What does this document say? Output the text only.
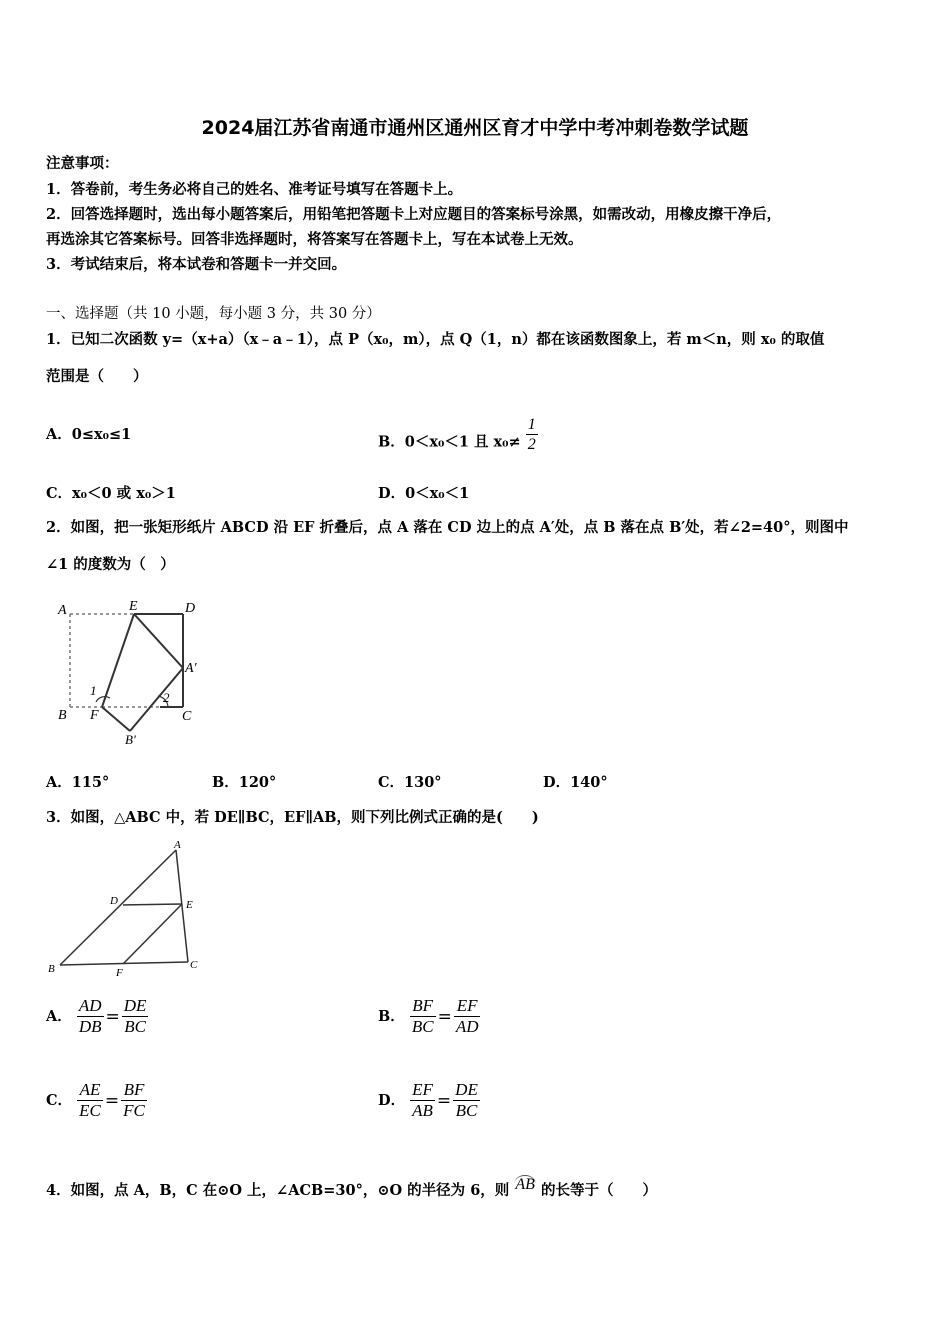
2024届江苏省南通市通州区通州区育才中学中考冲刺卷数学试题
注意事项：
1．答卷前，考生务必将自己的姓名、准考证号填写在答题卡上。
2．回答选择题时，选出每小题答案后，用铅笔把答题卡上对应题目的答案标号涂黑，如需改动，用橡皮擦干净后，
再选涂其它答案标号。回答非选择题时，将答案写在答题卡上，写在本试卷上无效。
3．考试结束后，将本试卷和答题卡一并交回。
一、选择题（共 10 小题，每小题 3 分，共 30 分）
1．已知二次函数 y=（x+a）（x﹣a﹣1），点 P（x₀，m），点 Q（1，n）都在该函数图象上，若 m＜n，则 x₀ 的取值
范围是（　　）
A．0≤x₀≤1	B．0＜x₀＜1 且 $x_0\ne \frac{1}{2}$
C．x₀＜0 或 x₀＞1	D．0＜x₀＜1
2．如图，把一张矩形纸片 ABCD 沿 EF 折叠后，点 A 落在 CD 边上的点 A′处，点 B 落在点 B′处，若∠2=40°，则图中
∠1 的度数为（　）
A	E	D
A'
1	2
B F	C
B'
A．115°	B．120°	C．130°	D．140°
3．如图，△ABC 中，若 DE∥BC，EF∥AB，则下列比例式正确的是(　　)
A
D	E
B	F
C
A． $\frac{AD}{DB} = \frac{DE}{BC}$	B． $\frac{BF}{BC} = \frac{EF}{AD}$
C． $\frac{AE}{EC} = \frac{BF}{FC}$	D． $\frac{EF}{AB} = \frac{DE}{BC}$
4．如图，点 A，B，C 在⊙O 上，∠ACB=30°，⊙O 的半径为 6，则 AB 的长等于（　　）
